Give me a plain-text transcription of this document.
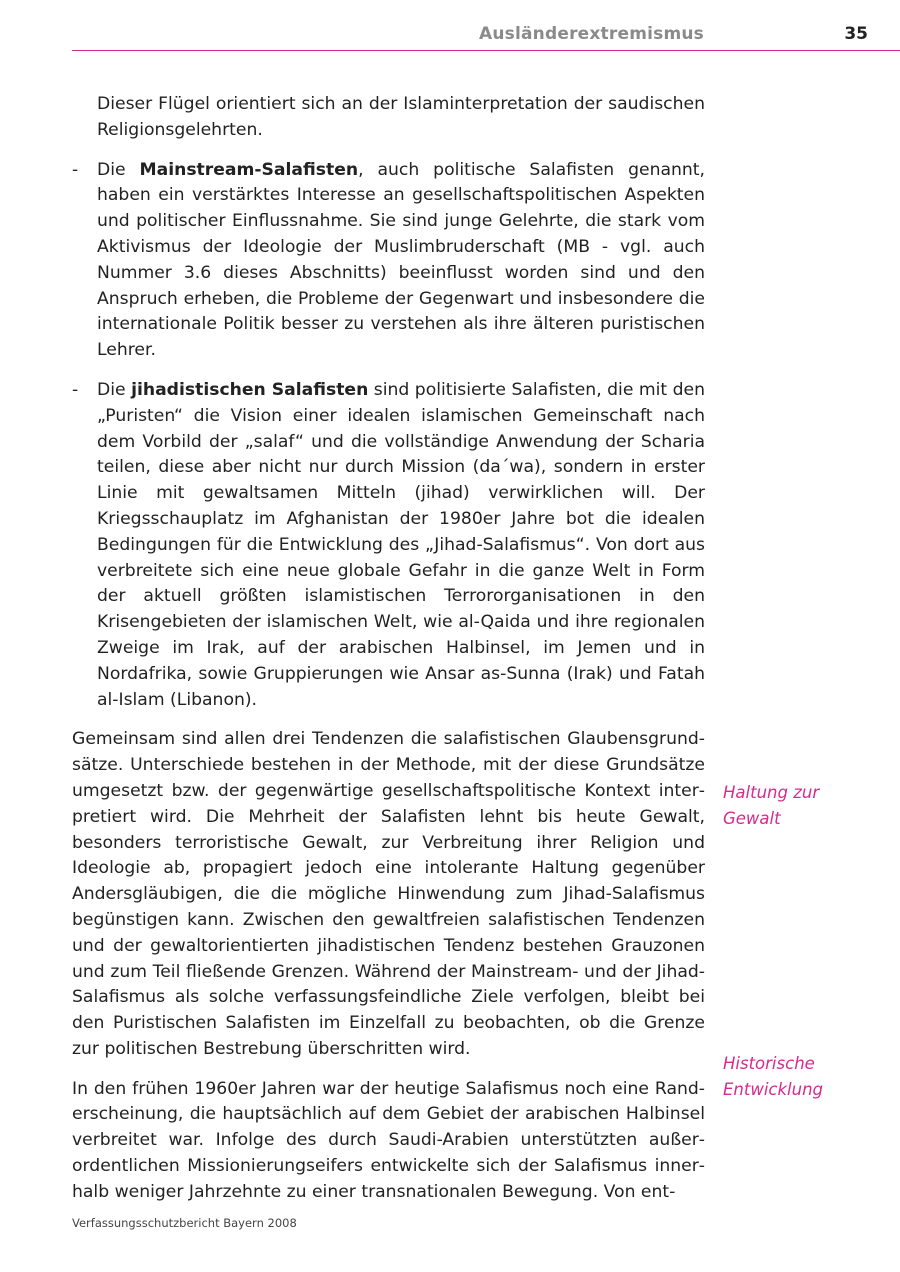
Ausländerextremismus	35
Dieser Flügel orientiert sich an der Islaminterpretation der saudischen Religionsgelehrten.
-	Die Mainstream-Salafisten, auch politische Salafisten genannt, haben ein verstärktes Interesse an gesellschaftspolitischen Aspekten und politischer Einflussnahme. Sie sind junge Gelehrte, die stark vom Aktivismus der Ideologie der Muslimbruderschaft (MB - vgl. auch Nummer 3.6 dieses Abschnitts) beeinflusst worden sind und den Anspruch erheben, die Probleme der Gegenwart und insbesondere die internationale Politik besser zu verstehen als ihre älteren puristischen Lehrer.
-	Die jihadistischen Salafisten sind politisierte Salafisten, die mit den „Puristen“ die Vision einer idealen islamischen Gemeinschaft nach dem Vorbild der „salaf“ und die vollständige Anwendung der Scharia teilen, diese aber nicht nur durch Mission (da´wa), sondern in erster Linie mit gewaltsamen Mitteln (jihad) verwirklichen will. Der Kriegsschauplatz im Afghanistan der 1980er Jahre bot die idealen Bedingungen für die Entwicklung des „Jihad-Salafismus“. Von dort aus verbreitete sich eine neue globale Gefahr in die ganze Welt in Form der aktuell größten islamistischen Terrororganisationen in den Krisengebieten der islamischen Welt, wie al-Qaida und ihre regionalen Zweige im Irak, auf der arabischen Halbinsel, im Jemen und in Nordafrika, sowie Gruppierungen wie Ansar as-Sunna (Irak) und Fatah al-Islam (Libanon).

Gemeinsam sind allen drei Tendenzen die salafistischen Glaubensgrundsätze. Unterschiede bestehen in der Methode, mit der diese Grundsätze umgesetzt bzw. der gegenwärtige gesellschaftspolitische Kontext interpretiert wird. Die Mehrheit der Salafisten lehnt bis heute Gewalt, besonders terroristische Gewalt, zur Verbreitung ihrer Religion und Ideologie ab, propagiert jedoch eine intolerante Haltung gegenüber Andersgläubigen, die die mögliche Hinwendung zum Jihad-Salafismus begünstigen kann. Zwischen den gewaltfreien salafistischen Tendenzen und der gewaltorientierten jihadistischen Tendenz bestehen Grauzonen und zum Teil fließende Grenzen. Während der Mainstream- und der Jihad-Salafismus als solche verfassungsfeindliche Ziele verfolgen, bleibt bei den Puristischen Salafisten im Einzelfall zu beobachten, ob die Grenze zur politischen Bestrebung überschritten wird.

In den frühen 1960er Jahren war der heutige Salafismus noch eine Randerscheinung, die hauptsächlich auf dem Gebiet der arabischen Halbinsel verbreitet war. Infolge des durch Saudi-Arabien unterstützten außerordentlichen Missionierungseifers entwickelte sich der Salafismus innerhalb weniger Jahrzehnte zu einer transnationalen Bewegung. Von ent-

Haltung zur
Gewalt
Historische
Entwicklung
Verfassungsschutzbericht Bayern 2008
